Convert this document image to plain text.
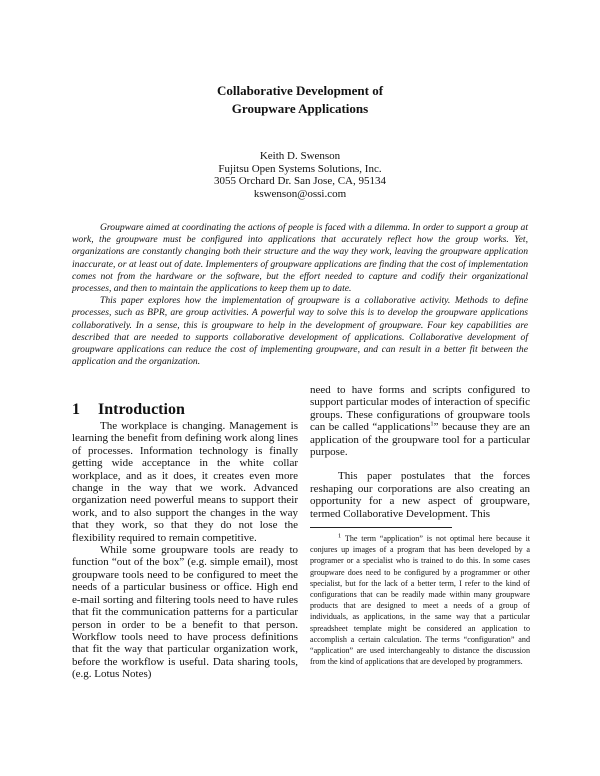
Collaborative Development of
Groupware Applications
Keith D. Swenson
Fujitsu Open Systems Solutions, Inc.
3055 Orchard Dr. San Jose, CA, 95134
kswenson@ossi.com

Groupware aimed at coordinating the actions of people is faced with a dilemma. In order to support a group at work, the groupware must be configured into applications that accurately reflect how the group works. Yet, organizations are constantly changing both their structure and the way they work, leaving the groupware application inaccurate, or at least out of date. Implementers of groupware applications are finding that the cost of implementation comes not from the hardware or the software, but the effort needed to capture and codify their organizational processes, and then to maintain the applications to keep them up to date.

This paper explores how the implementation of groupware is a collaborative activity. Methods to define processes, such as BPR, are group activities. A powerful way to solve this is to develop the groupware applications collaboratively. In a sense, this is groupware to help in the development of groupware. Four key capabilities are described that are needed to supports collaborative development of applications. Collaborative development of groupware applications can reduce the cost of implementing groupware, and can result in a better fit between the application and the organization.

1 Introduction

The workplace is changing. Management is learning the benefit from defining work along lines of processes. Information technology is finally getting wide acceptance in the white collar workplace, and as it does, it creates even more change in the way that we work. Advanced organization need powerful means to support their work, and to also support the changes in the way that they work, so that they do not lose the flexibility required to remain competitive.

While some groupware tools are ready to function “out of the box” (e.g. simple email), most groupware tools need to be configured to meet the needs of a particular business or office. High end e-mail sorting and filtering tools need to have rules that fit the communication patterns for a particular person in order to be a benefit to that person. Workflow tools need to have process definitions that fit the way that particular organization work, before the workflow is useful. Data sharing tools, (e.g. Lotus Notes)

need to have forms and scripts configured to support particular modes of interaction of specific groups. These configurations of groupware tools can be called “applications$^1$” because they are an application of the groupware tool for a particular purpose.

This paper postulates that the forces reshaping our corporations are also creating an opportunity for a new aspect of groupware, termed Collaborative Development. This

$^1$ The term “application” is not optimal here because it conjures up images of a program that has been developed by a programer or a specialist who is trained to do this. In some cases groupware does need to be configured by a programmer or other specialist, but for the lack of a better term, I refer to the kind of configurations that can be readily made within many groupware products that are designed to meet a needs of a group of individuals, as applications, in the same way that a particular spreadsheet template might be considered an application to accomplish a certain calculation. The terms “configuration” and “application” are used interchangeably to distance the discussion from the kind of applications that are developed by programmers.
